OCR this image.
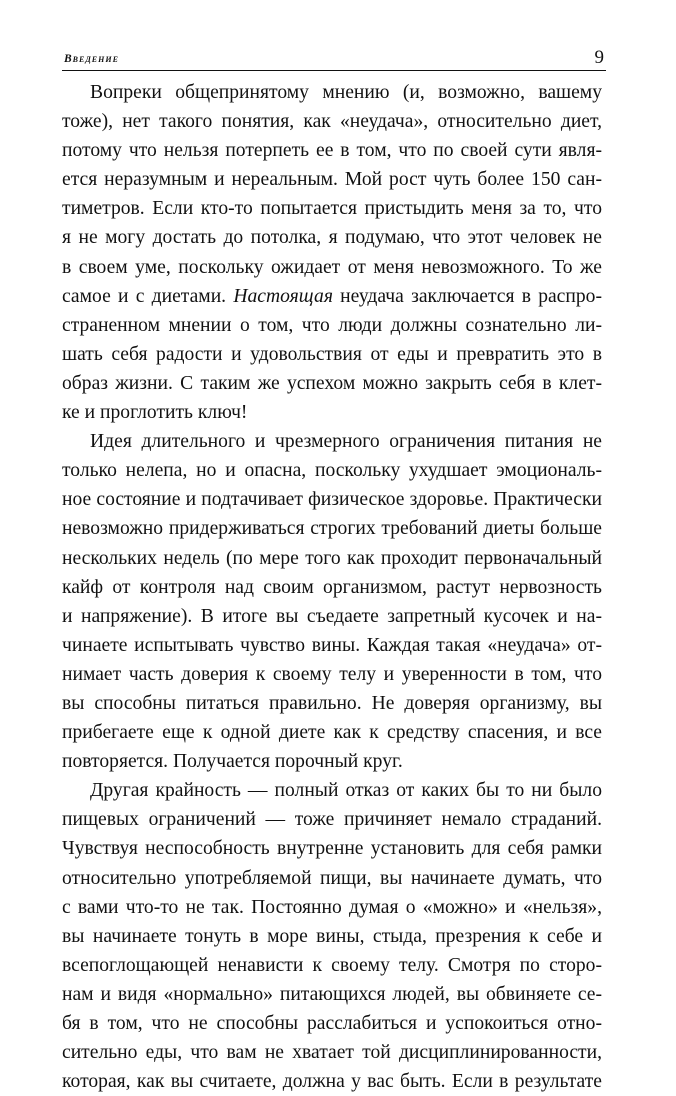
Введение	9

Вопреки общепринятому мнению (и, возможно, вашему
тоже), нет такого понятия, как «неудача», относительно диет,
потому что нельзя потерпеть ее в том, что по своей сути явля-
ется неразумным и нереальным. Мой рост чуть более 150 сан-
тиметров. Если кто-то попытается пристыдить меня за то, что
я не могу достать до потолка, я подумаю, что этот человек не
в своем уме, поскольку ожидает от меня невозможного. То же
самое и с диетами. Настоящая неудача заключается в распро-
страненном мнении о том, что люди должны сознательно ли-
шать себя радости и удовольствия от еды и превратить это в
образ жизни. С таким же успехом можно закрыть себя в клет-
ке и проглотить ключ!

Идея длительного и чрезмерного ограничения питания не
только нелепа, но и опасна, поскольку ухудшает эмоциональ-
ное состояние и подтачивает физическое здоровье. Практически
невозможно придерживаться строгих требований диеты больше
нескольких недель (по мере того как проходит первоначальный
кайф от контроля над своим организмом, растут нервозность
и напряжение). В итоге вы съедаете запретный кусочек и на-
чинаете испытывать чувство вины. Каждая такая «неудача» от-
нимает часть доверия к своему телу и уверенности в том, что
вы способны питаться правильно. Не доверяя организму, вы
прибегаете еще к одной диете как к средству спасения, и все
повторяется. Получается порочный круг.

Другая крайность — полный отказ от каких бы то ни было
пищевых ограничений — тоже причиняет немало страданий.
Чувствуя неспособность внутренне установить для себя рамки
относительно употребляемой пищи, вы начинаете думать, что
с вами что-то не так. Постоянно думая о «можно» и «нельзя»,
вы начинаете тонуть в море вины, стыда, презрения к себе и
всепоглощающей ненависти к своему телу. Смотря по сторо-
нам и видя «нормально» питающихся людей, вы обвиняете се-
бя в том, что не способны расслабиться и успокоиться отно-
сительно еды, что вам не хватает той дисциплинированности,
которая, как вы считаете, должна у вас быть. Если в результате
